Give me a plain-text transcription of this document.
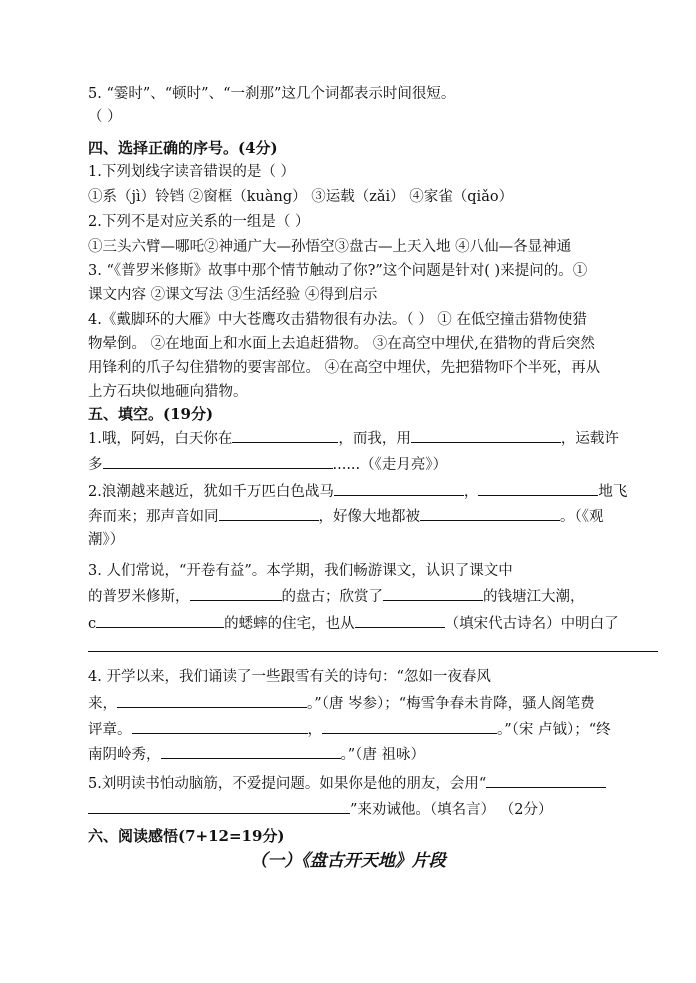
5. “霎时”、“顿时”、“一刹那”这几个词都表示时间很短。
（ ）
四、选择正确的序号。(4分)
1.下列划线字读音错误的是（ ）
①系（jì）铃铛 ②窗框（kuàng） ③运载（zǎi） ④家雀（qiǎo）
2.下列不是对应关系的一组是（ ）
①三头六臂—哪吒②神通广大—孙悟空③盘古—上天入地 ④八仙—各显神通
3. “《普罗米修斯》故事中那个情节触动了你?”这个问题是针对( )来提问的。①
课文内容 ②课文写法 ③生活经验 ④得到启示
4.《戴脚环的大雁》中大苍鹰攻击猎物很有办法。（ ） ① 在低空撞击猎物使猎
物晕倒。 ②在地面上和水面上去追赶猎物。 ③在高空中埋伏,在猎物的背后突然
用锋利的爪子勾住猎物的要害部位。 ④在高空中埋伏，先把猎物吓个半死，再从
上方石块似地砸向猎物。
五、填空。(19分)
1.哦，阿妈，白天你在	，而我，用	，运载许
多	......（《走月亮》）
2.浪潮越来越近，犹如千万匹白色战马	，	地飞
奔而来；那声音如同	，好像大地都被	。（《观
潮》）
3. 人们常说，“开卷有益”。本学期，我们畅游课文，认识了课文中
的普罗米修斯，	的盘古；欣赏了	的钱塘江大潮，
c	的蟋蟀的住宅，也从	（填宋代古诗名）中明白了
4. 开学以来，我们诵读了一些跟雪有关的诗句：“忽如一夜春风
来，	。”（唐 岑参）；“梅雪争春未肯降，骚人阁笔费
评章。	，	。”（宋 卢钺）；“终
南阴岭秀，	。”（唐 祖咏）
5.刘明读书怕动脑筋，不爱提问题。如果你是他的朋友，会用“
”来劝诫他。（填名言） （2分）
六、阅读感悟(7+12=19分)
（一）《盘古开天地》片段
